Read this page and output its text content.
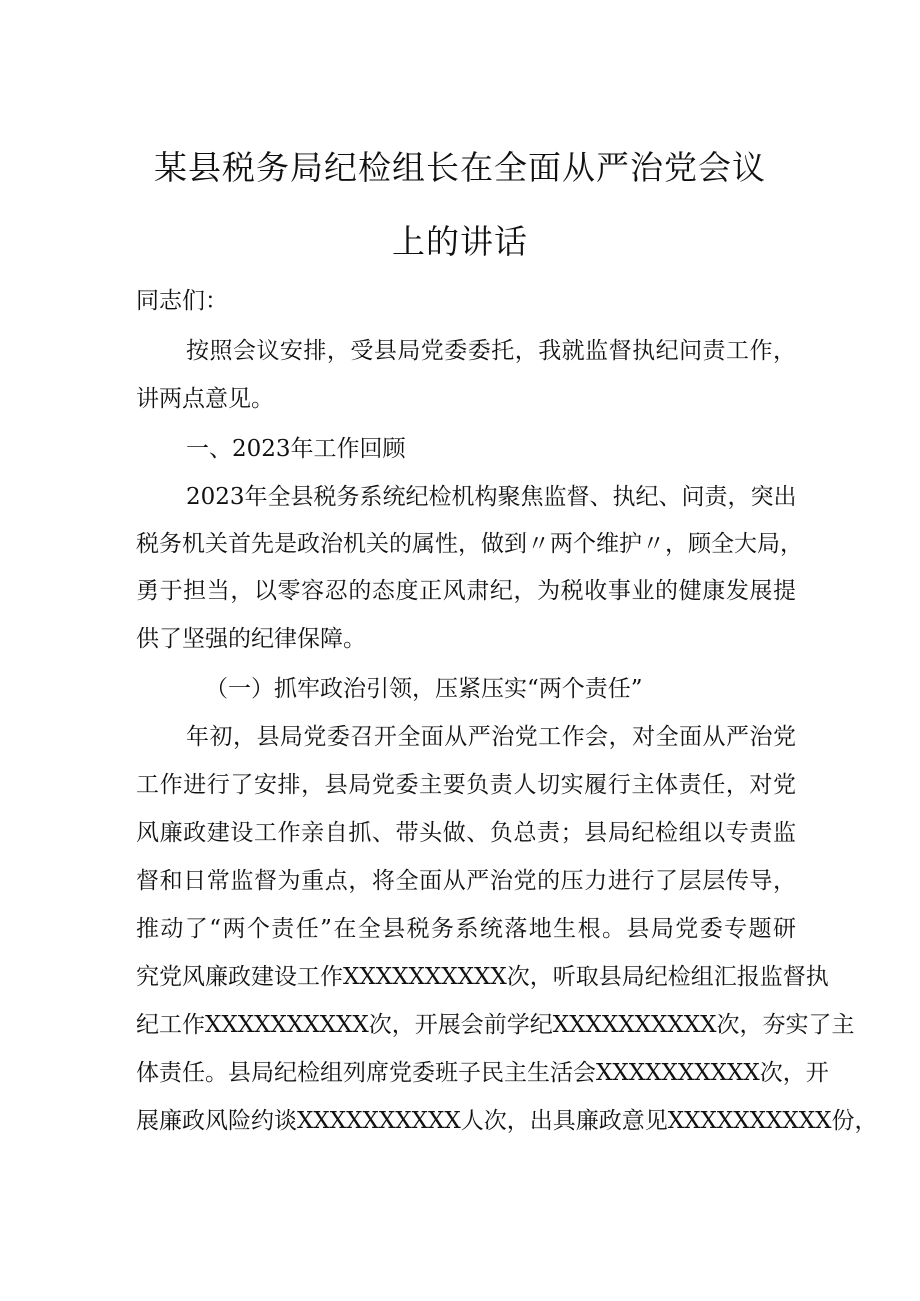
某县税务局纪检组长在全面从严治党会议
上的讲话
同志们：
按照会议安排，受县局党委委托，我就监督执纪问责工作，
讲两点意见。
一、2023年工作回顾
2023年全县税务系统纪检机构聚焦监督、执纪、问责，突出
税务机关首先是政治机关的属性，做到〃两个维护〃，顾全大局，
勇于担当，以零容忍的态度正风肃纪，为税收事业的健康发展提
供了坚强的纪律保障。
（一）抓牢政治引领，压紧压实“两个责任”
年初，县局党委召开全面从严治党工作会，对全面从严治党
工作进行了安排，县局党委主要负责人切实履行主体责任，对党
风廉政建设工作亲自抓、带头做、负总责；县局纪检组以专责监
督和日常监督为重点，将全面从严治党的压力进行了层层传导，
推动了“两个责任”在全县税务系统落地生根。县局党委专题研
究党风廉政建设工作XXXXXXXXXX次，听取县局纪检组汇报监督执
纪工作XXXXXXXXXX次，开展会前学纪XXXXXXXXXX次，夯实了主
体责任。县局纪检组列席党委班子民主生活会XXXXXXXXXX次，开
展廉政风险约谈XXXXXXXXXX人次，出具廉政意见XXXXXXXXXX份，
